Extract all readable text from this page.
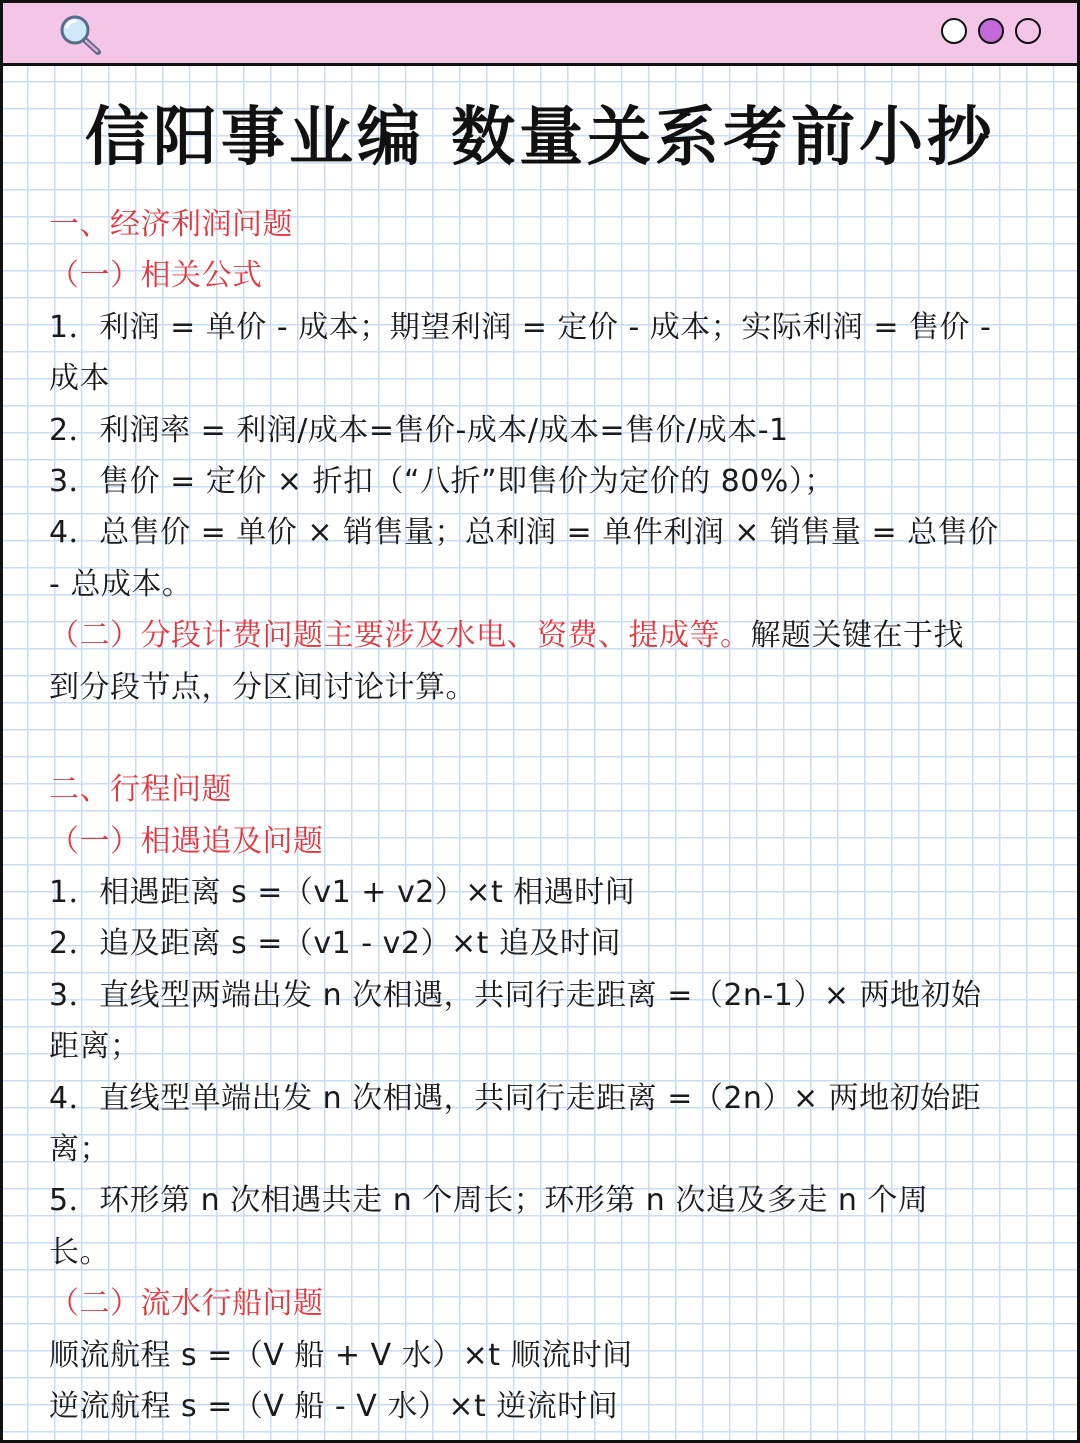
信阳事业编 数量关系考前小抄
一、经济利润问题
（一）相关公式
1．利润 = 单价 - 成本；期望利润 = 定价 - 成本；实际利润 = 售价 -
成本
2．利润率 = 利润/成本=售价-成本/成本=售价/成本-1
3．售价 = 定价 × 折扣（“八折”即售价为定价的 80%）；
4．总售价 = 单价 × 销售量；总利润 = 单件利润 × 销售量 = 总售价
- 总成本。
（二）分段计费问题主要涉及水电、资费、提成等。解题关键在于找
到分段节点，分区间讨论计算。
二、行程问题
（一）相遇追及问题
1．相遇距离 s =（v1 + v2）×t 相遇时间
2．追及距离 s =（v1 - v2）×t 追及时间
3．直线型两端出发 n 次相遇，共同行走距离 =（2n-1）× 两地初始
距离；
4．直线型单端出发 n 次相遇，共同行走距离 =（2n）× 两地初始距
离；
5．环形第 n 次相遇共走 n 个周长；环形第 n 次追及多走 n 个周
长。
（二）流水行船问题
顺流航程 s =（V 船 + V 水）×t 顺流时间
逆流航程 s =（V 船 - V 水）×t 逆流时间
